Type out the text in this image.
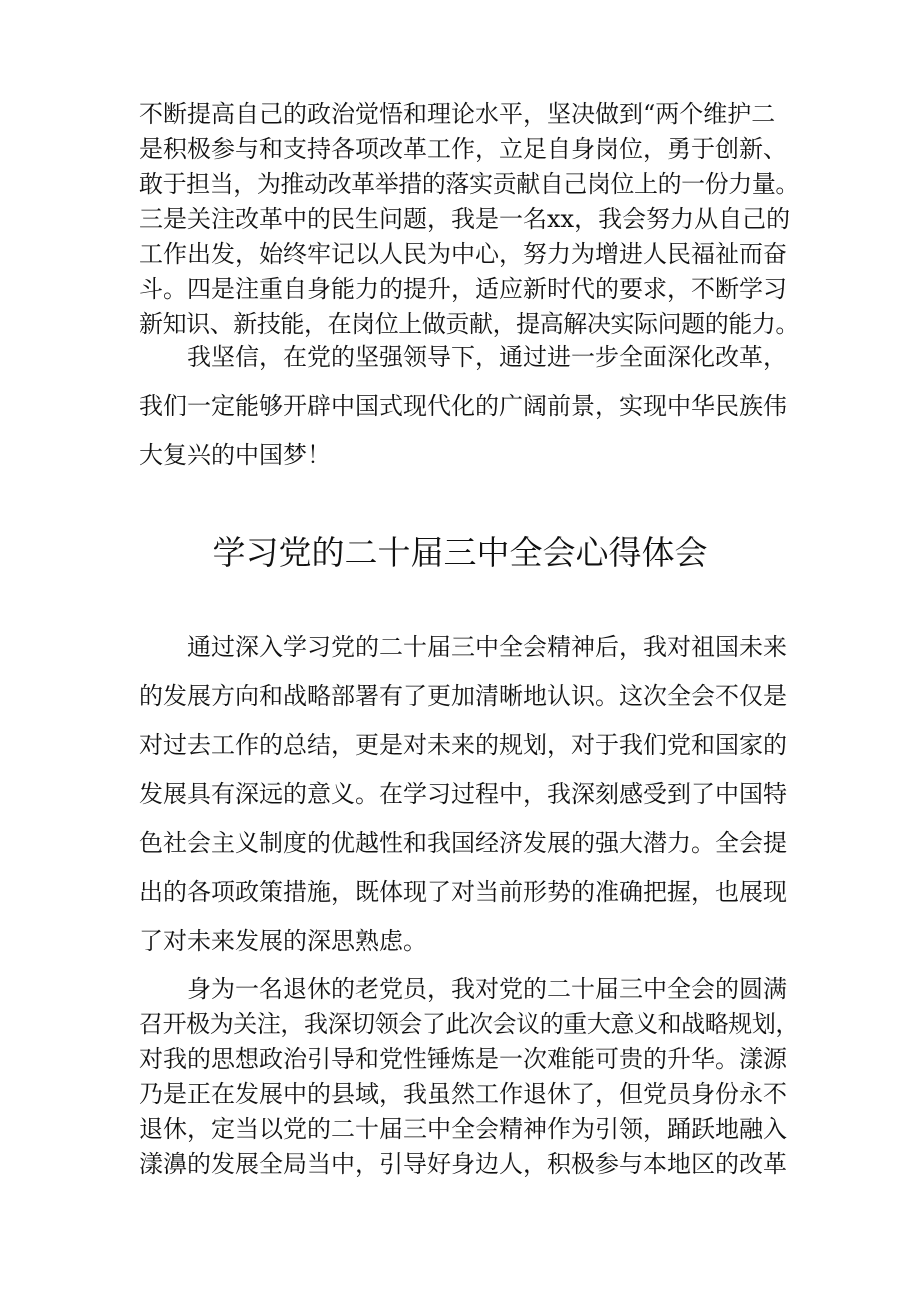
不断提高自己的政治觉悟和理论水平，坚决做到“两个维护二
是积极参与和支持各项改革工作，立足自身岗位，勇于创新、
敢于担当，为推动改革举措的落实贡献自己岗位上的一份力量。
三是关注改革中的民生问题，我是一名xx，我会努力从自己的
工作出发，始终牢记以人民为中心，努力为增进人民福祉而奋
斗。四是注重自身能力的提升，适应新时代的要求，不断学习
新知识、新技能，在岗位上做贡献，提高解决实际问题的能力。
我坚信，在党的坚强领导下，通过进一步全面深化改革，
我们一定能够开辟中国式现代化的广阔前景，实现中华民族伟
大复兴的中国梦！
学习党的二十届三中全会心得体会
通过深入学习党的二十届三中全会精神后，我对祖国未来
的发展方向和战略部署有了更加清晰地认识。这次全会不仅是
对过去工作的总结，更是对未来的规划，对于我们党和国家的
发展具有深远的意义。在学习过程中，我深刻感受到了中国特
色社会主义制度的优越性和我国经济发展的强大潜力。全会提
出的各项政策措施，既体现了对当前形势的准确把握，也展现
了对未来发展的深思熟虑。
身为一名退休的老党员，我对党的二十届三中全会的圆满
召开极为关注，我深切领会了此次会议的重大意义和战略规划，
对我的思想政治引导和党性锤炼是一次难能可贵的升华。漾源
乃是正在发展中的县域，我虽然工作退休了，但党员身份永不
退休，定当以党的二十届三中全会精神作为引领，踊跃地融入
漾濞的发展全局当中，引导好身边人，积极参与本地区的改革
